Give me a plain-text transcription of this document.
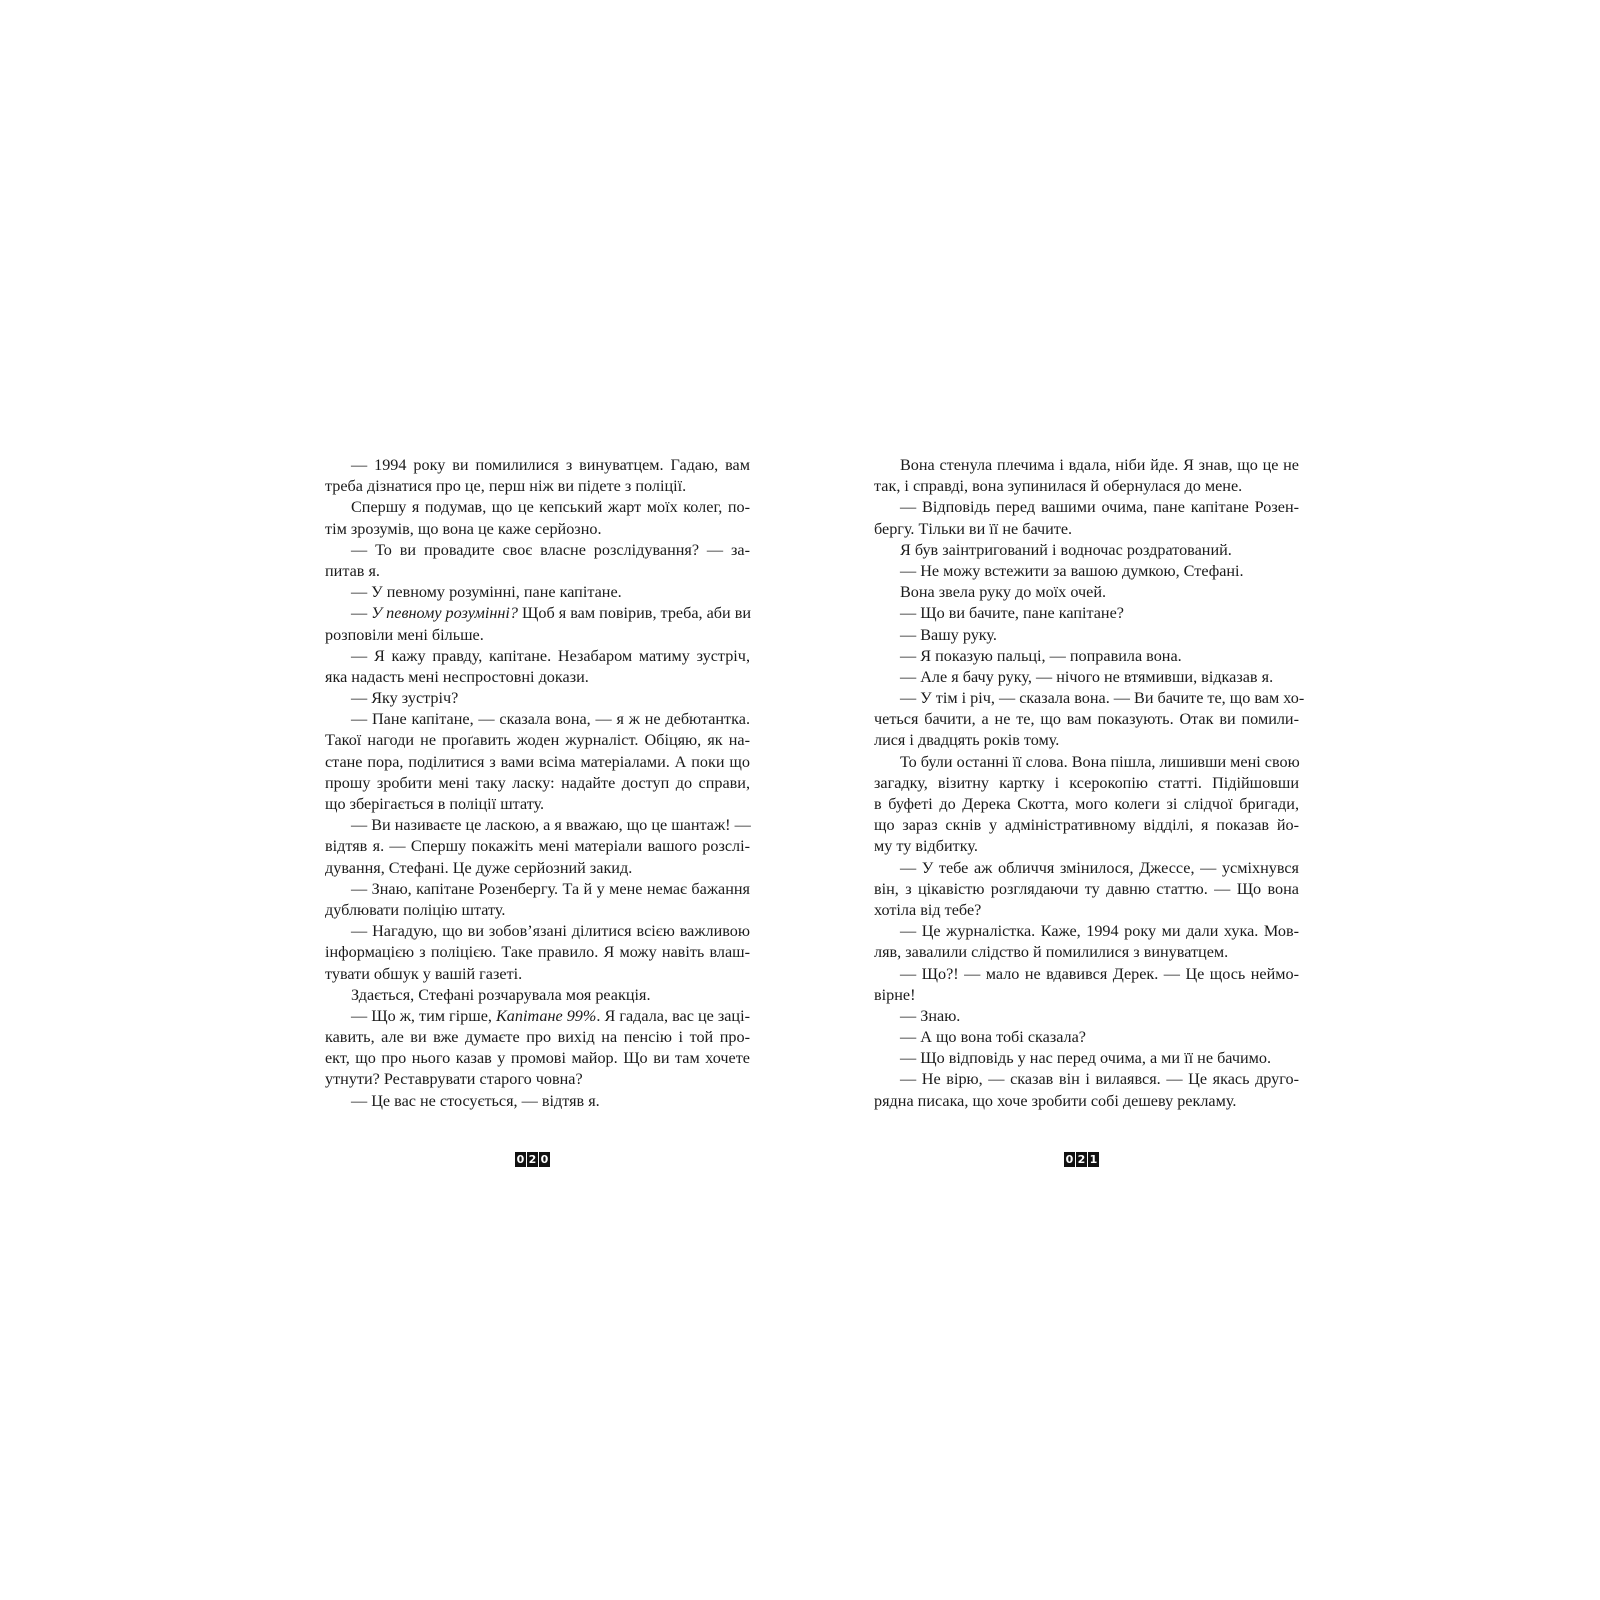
— 1994 року ви помилилися з винуватцем. Гадаю, вам
треба дізнатися про це, перш ніж ви підете з поліції.
Спершу я подумав, що це кепський жарт моїх колег, по-
тім зрозумів, що вона це каже серйозно.
— То ви провадите своє власне розслідування? — за-
питав я.
— У певному розумінні, пане капітане.
— У певному розумінні? Щоб я вам повірив, треба, аби ви
розповіли мені більше.
— Я кажу правду, капітане. Незабаром матиму зустріч,
яка надасть мені неспростовні докази.
— Яку зустріч?
— Пане капітане, — сказала вона, — я ж не дебютантка.
Такої нагоди не проґавить жоден журналіст. Обіцяю, як на-
стане пора, поділитися з вами всіма матеріалами. А поки що
прошу зробити мені таку ласку: надайте доступ до справи,
що зберігається в поліції штату.
— Ви називаєте це ласкою, а я вважаю, що це шантаж! —
відтяв я. — Спершу покажіть мені матеріали вашого розслі-
дування, Стефані. Це дуже серйозний закид.
— Знаю, капітане Розенбергу. Та й у мене немає бажання
дублювати поліцію штату.
— Нагадую, що ви зобов’язані ділитися всією важливою
інформацією з поліцією. Таке правило. Я можу навіть влаш-
тувати обшук у вашій газеті.
Здається, Стефані розчарувала моя реакція.
— Що ж, тим гірше, Капітане 99%. Я гадала, вас це заці-
кавить, але ви вже думаєте про вихід на пенсію і той про-
ект, що про нього казав у промові майор. Що ви там хочете
утнути? Реставрувати старого човна?
— Це вас не стосується, — відтяв я.
Вона стенула плечима і вдала, ніби йде. Я знав, що це не
так, і справді, вона зупинилася й обернулася до мене.
— Відповідь перед вашими очима, пане капітане Розен-
бергу. Тільки ви її не бачите.
Я був заінтригований і водночас роздратований.
— Не можу встежити за вашою думкою, Стефані.
Вона звела руку до моїх очей.
— Що ви бачите, пане капітане?
— Вашу руку.
— Я показую пальці, — поправила вона.
— Але я бачу руку, — нічого не втямивши, відказав я.
— У тім і річ, — сказала вона. — Ви бачите те, що вам хо-
четься бачити, а не те, що вам показують. Отак ви помили-
лися і двадцять років тому.
То були останні її слова. Вона пішла, лишивши мені свою
загадку, візитну картку і ксерокопію статті. Підійшовши
в буфеті до Дерека Скотта, мого колеги зі слідчої бригади,
що зараз скнів у адміністративному відділі, я показав йо-
му ту відбитку.
— У тебе аж обличчя змінилося, Джессе, — усміхнувся
він, з цікавістю розглядаючи ту давню статтю. — Що вона
хотіла від тебе?
— Це журналістка. Каже, 1994 року ми дали хука. Мов-
ляв, завалили слідство й помилилися з винуватцем.
— Що?! — мало не вдавився Дерек. — Це щось неймо-
вірне!
— Знаю.
— А що вона тобі сказала?
— Що відповідь у нас перед очима, а ми її не бачимо.
— Не вірю, — сказав він і вилаявся. — Це якась друго-
рядна писака, що хоче зробити собі дешеву рекламу.
0 2 0	0 2 1
